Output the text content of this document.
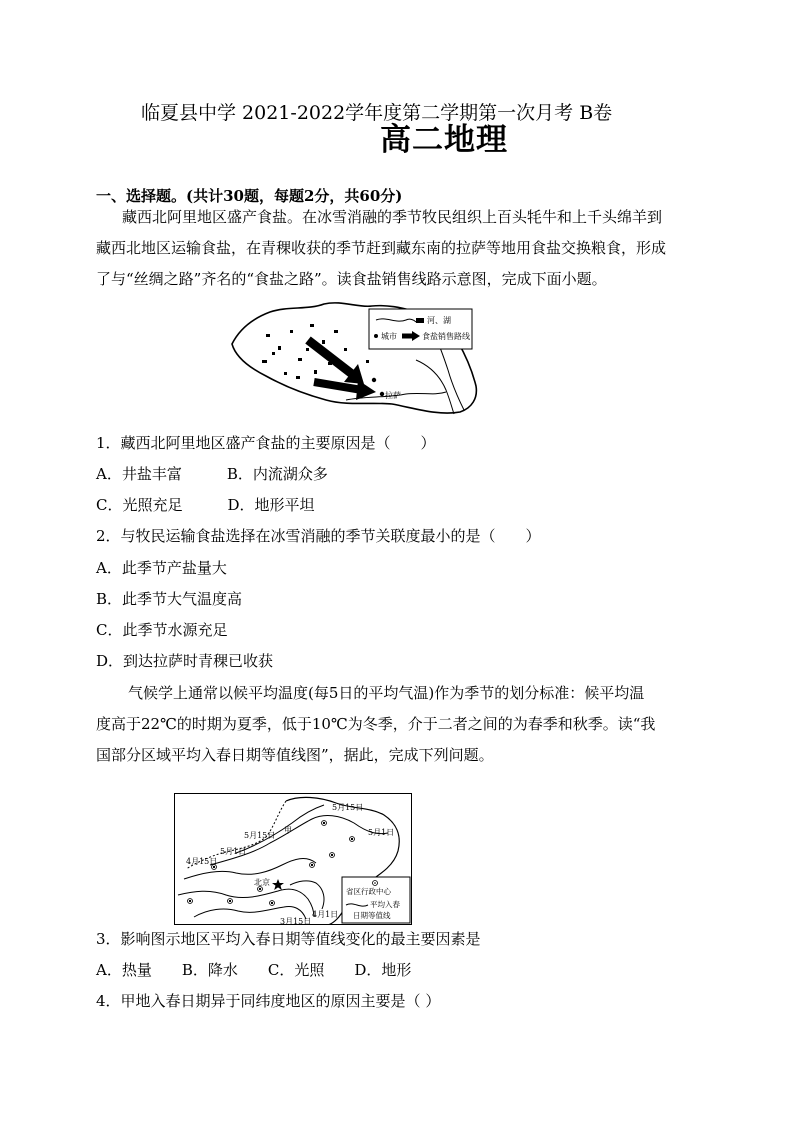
临夏县中学 2021-2022学年度第二学期第一次月考 B卷
高二地理
一、选择题。(共计30题，每题2分，共60分)
藏西北阿里地区盛产食盐。在冰雪消融的季节牧民组织上百头牦牛和上千头绵羊到
藏西北地区运输食盐，在青稞收获的季节赶到藏东南的拉萨等地用食盐交换粮食，形成
了与“丝绸之路”齐名的“食盐之路”。读食盐销售线路示意图，完成下面小题。
拉萨
河、湖
城市	食盐销售路线
1．藏西北阿里地区盛产食盐的主要原因是（　　）
A．井盐丰富　　　B．内流湖众多
C．光照充足　　　D．地形平坦
2．与牧民运输食盐选择在冰雪消融的季节关联度最小的是（　　）
A．此季节产盐量大
B．此季节大气温度高
C．此季节水源充足
D．到达拉萨时青稞已收获
气候学上通常以候平均温度(每5日的平均气温)作为季节的划分标准：候平均温
度高于22℃的时期为夏季，低于10℃为冬季，介于二者之间的为春季和秋季。读“我
国部分区域平均入春日期等值线图”，据此，完成下列问题。
5月15日
5月15日	5月1日
5月1日
4月15日
甲
北京
4月1日
3月15日
省区行政中心
平均入春
日期等值线
3．影响图示地区平均入春日期等值线变化的最主要因素是
A．热量　　B．降水　　C．光照　　D．地形
4．甲地入春日期异于同纬度地区的原因主要是（ ）
